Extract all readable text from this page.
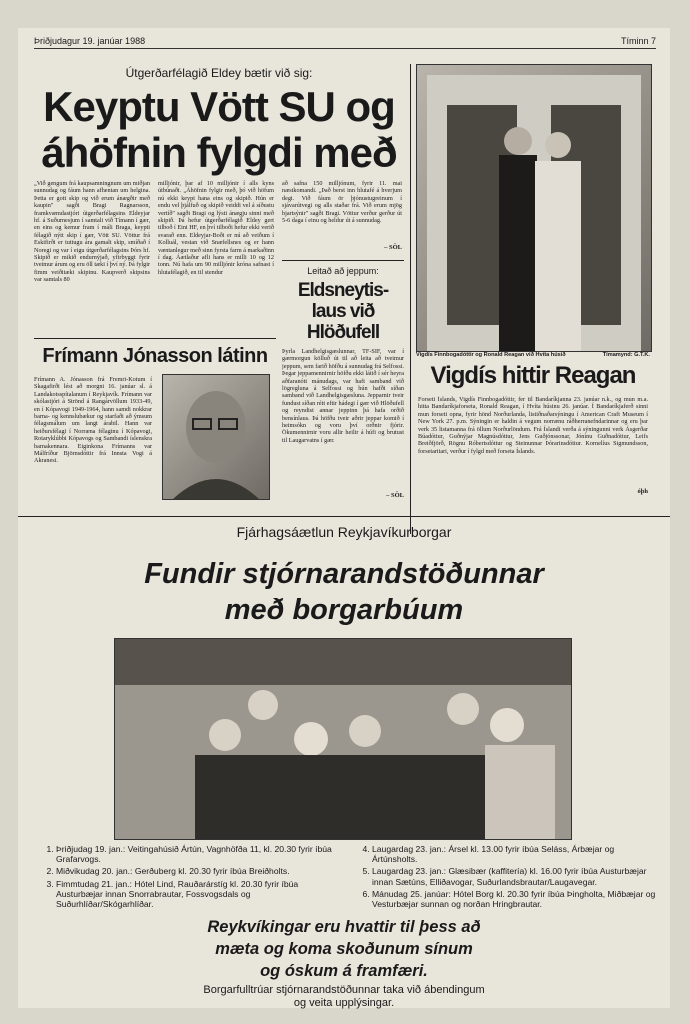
Þriðjudagur 19. janúar 1988	Tíminn 7
Útgerðarfélagið Eldey bætir við sig:
Keyptu Vött SU og
áhöfnin fylgdi með
„Við gengum frá kaupsamningnum um miðjan sunnudag og fáum hann afhentan um helgina. Þetta er gott skip og við erum ánægðir með kaupin" sagði Bragi Ragnarsson, framkvæmdastjóri útgerðarfélagsins Eldeyjar hf. á Suðurnesjum í samtali við Tímann í gær, en eins og kemur fram í máli Braga, keypti félagið nýtt skip í gær, Vött SU. Vöttur frá Eskifirði er tuttugu ára gamalt skip, smíðað í Noregi og var í eigu útgerðarfélagsins Þórs hf. Skipið er mikið endurnýjað, yfirbyggt fyrir tveimur árum og eru öll tæki í því ný. Þá fylgir fimm veiðitæki skipinu. Kaupverð skipsins var samtals 80
milljónir, þar af 10 milljónir í alls kyns útbúnaði. „Áhöfnin fylgir með, þó við höfum nú ekki keypt hana eins og skipið. Hún er endu vel þjálfuð og skipið veiddi vel á síðustu vertíð" sagði Bragi og lýsti ánægju sinni með skipið. Þá hefur útgerðarfélagið Eldey gert tilboð í Eini HF, en því tilboði hefur ekki verið svarað enn. Eldeyjar-Boði er nú að veiðum í Kolluál, vestan við Snæfellsnes og er hann væntanlegur með sinn fyrsta farm á markaðinn í dag. Áætlaður afli hans er milli 10 og 12 tonn. Nú hafa um 90 milljónir króna safnast í hlutafélagið, en til stendur
að safna 150 milljónum, fyrir 11. mai næstkomandi. „Það berst inn hlutafé á hverjum degi. Við fáum ör þjónustugreinum í sjávarútvegi og alls staðar frá. Við erum mjög bjartsýnir" sagði Bragi. Vöttur verður gerður út 5-6 daga í einu og heldur út á sunnudag.
– SÖL
Leitað að jeppum:
Eldsneytis-laus við Hlöðufell
Þyrla Landhelgisgæslunnar, TF-SIF, var í gærmorgun kölluð út til að leita að tveimur jeppum, sem farið höfðu á sunnudag frá Selfossi. Þegar jeppamennirnir höfðu ekki látið í sér heyra aðfaranótt mánudags, var haft samband við lögregluna á Selfossi og hún hafði síðan samband við Landhelgisgæsluna. Jepparnir tveir fundust síðan rétt eftir hádegi í gær við Hlöðufell og reyndist annar jeppinn þá hafa orðið bensínlaus. Þá höfðu tveir aðrir jeppar komið í heimsókn og voru því orðnir fjórir. Ökumennirnir voru allir heilir á húfi og brutust til Laugarvatns í gær.
– SÖL
Frímann Jónasson látinn
Frímann A. Jónasson frá Fremri-Kotum í Skagafirði lést að morgni 16. janúar sl. á Landakotsspítalanum í Reykjavík. Frímann var skólastjóri á Strönd á Rangárvöllum 1933-49, en í Kópavogi 1949-1964, hann samdi nokkrar barna- og kennslubækur og starfaði að ýmsum félagsmálum um langt árabil. Hann var heiðursfélagi í Norræna félaginu í Kópavogi, Rotaryklúbbi Kópavogs og Sambandi íslenskra barnakennara. Eiginkona Frímanns var Málfríður Björnsdóttir frá Innsta Vogi á Akranesi.
Vigdís Finnbogadóttir og Ronald Reagan við Hvíta húsið	Tímamynd: G.T.K.
Vigdís hittir Reagan
Forseti Íslands, Vigdís Finnbogadóttir, fer til Bandaríkjanna 23. janúar n.k., og mun m.a. hitta Bandaríkjaforseta, Ronald Reagan, í Hvíta húsinu 26. janúar. Í Bandaríkjaferð sinni mun forseti opna, fyrir hönd Norðurlanda, listiðnaðarsýningu í American Craft Museum í New York 27. p.m. Sýningin er haldin á vegum norrænu ráðherranefndarinnar og eru þar verk 35 listamanna frá öllum Norðurlöndum. Frá Íslandi verða á sýningunni verk Ásgerðar Búadóttur, Guðnýjar Magnúsdóttur, Jens Guðjónssonar, Jónínu Guðnadóttur, Leifs Breiðfjörð, Rögnu Róbertsdóttur og Steinunnar Þórarinsdóttur. Kornelíus Sigmundsson, forsetaritari, verður í fylgd með forseta Íslands.
óþh
Fjárhagsáætlun Reykjavíkurborgar
Fundir stjórnarandstöðunnar
með borgarbúum
1. Þriðjudag 19. jan.: Veitingahúsið Ártún, Vagnhöfða 11, kl. 20.30 fyrir íbúa Grafarvogs.
2. Miðvikudag 20. jan.: Gerðuberg kl. 20.30 fyrir íbúa Breiðholts.
3. Fimmtudag 21. jan.: Hótel Lind, Rauðarárstíg kl. 20.30 fyrir íbúa Austurbæjar innan Snorrabrautar, Fossvogsdals og Suðurhlíðar/Skógarhlíðar.
4. Laugardag 23. jan.: Ársel kl. 13.00 fyrir íbúa Seláss, Árbæjar og Ártúnsholts.
5. Laugardag 23. jan.: Glæsibær (kaffitería) kl. 16.00 fyrir íbúa Austurbæjar innan Sætúns, Elliðavogar, Suðurlandsbrautar/Laugavegar.
6. Mánudag 25. janúar: Hótel Borg kl. 20.30 fyrir íbúa Þingholta, Miðbæjar og Vesturbæjar sunnan og norðan Hringbrautar.
Reykvíkingar eru hvattir til þess að
mæta og koma skoðunum sínum
og óskum á framfæri.
Borgarfulltrúar stjórnarandstöðunnar taka við ábendingum
og veita upplýsingar.
